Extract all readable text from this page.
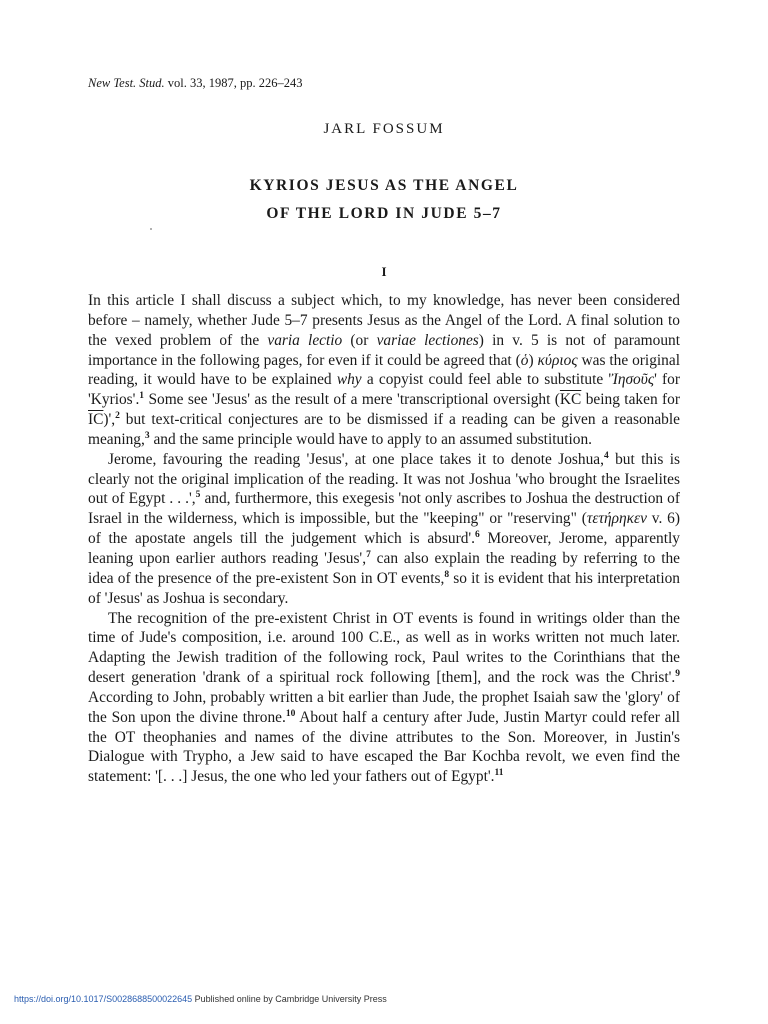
New Test. Stud. vol. 33, 1987, pp. 226–243
JARL FOSSUM
KYRIOS JESUS AS THE ANGEL
OF THE LORD IN JUDE 5–7
I

In this article I shall discuss a subject which, to my knowledge, has never been considered before – namely, whether Jude 5–7 presents Jesus as the Angel of the Lord. A final solution to the vexed problem of the varia lectio (or variae lectiones) in v. 5 is not of paramount importance in the following pages, for even if it could be agreed that (ὁ) κύριος was the original reading, it would have to be explained why a copyist could feel able to substitute 'Ἰησοῦς' for 'Kyrios'.$^1$ Some see 'Jesus' as the result of a mere 'transcriptional oversight ($\overline{KC}$ being taken for $\overline{IC})',^2$ but text-critical conjectures are to be dismissed if a reading can be given a reasonable meaning,$^3$ and the same principle would have to apply to an assumed substitution.

Jerome, favouring the reading 'Jesus', at one place takes it to denote Joshua,$^4$ but this is clearly not the original implication of the reading. It was not Joshua 'who brought the Israelites out of Egypt . . .',$^5$ and, furthermore, this exegesis 'not only ascribes to Joshua the destruction of Israel in the wilderness, which is impossible, but the "keeping" or "reserving" (τετήρηκεν v. 6) of the apostate angels till the judgement which is absurd'.$^6$ Moreover, Jerome, apparently leaning upon earlier authors reading 'Jesus',$^7$ can also explain the reading by referring to the idea of the presence of the pre-existent Son in OT events,$^8$ so it is evident that his interpretation of 'Jesus' as Joshua is secondary.

The recognition of the pre-existent Christ in OT events is found in writings older than the time of Jude's composition, i.e. around 100 C.E., as well as in works written not much later. Adapting the Jewish tradition of the following rock, Paul writes to the Corinthians that the desert generation 'drank of a spiritual rock following [them], and the rock was the Christ'.$^9$ According to John, probably written a bit earlier than Jude, the prophet Isaiah saw the 'glory' of the Son upon the divine throne.$^{10}$ About half a century after Jude, Justin Martyr could refer all the OT theophanies and names of the divine attributes to the Son. Moreover, in Justin's Dialogue with Trypho, a Jew said to have escaped the Bar Kochba revolt, we even find the statement: '[. . .] Jesus, the one who led your fathers out of Egypt'.$^{11}$

https://doi.org/10.1017/S0028688500022645 Published online by Cambridge University Press
